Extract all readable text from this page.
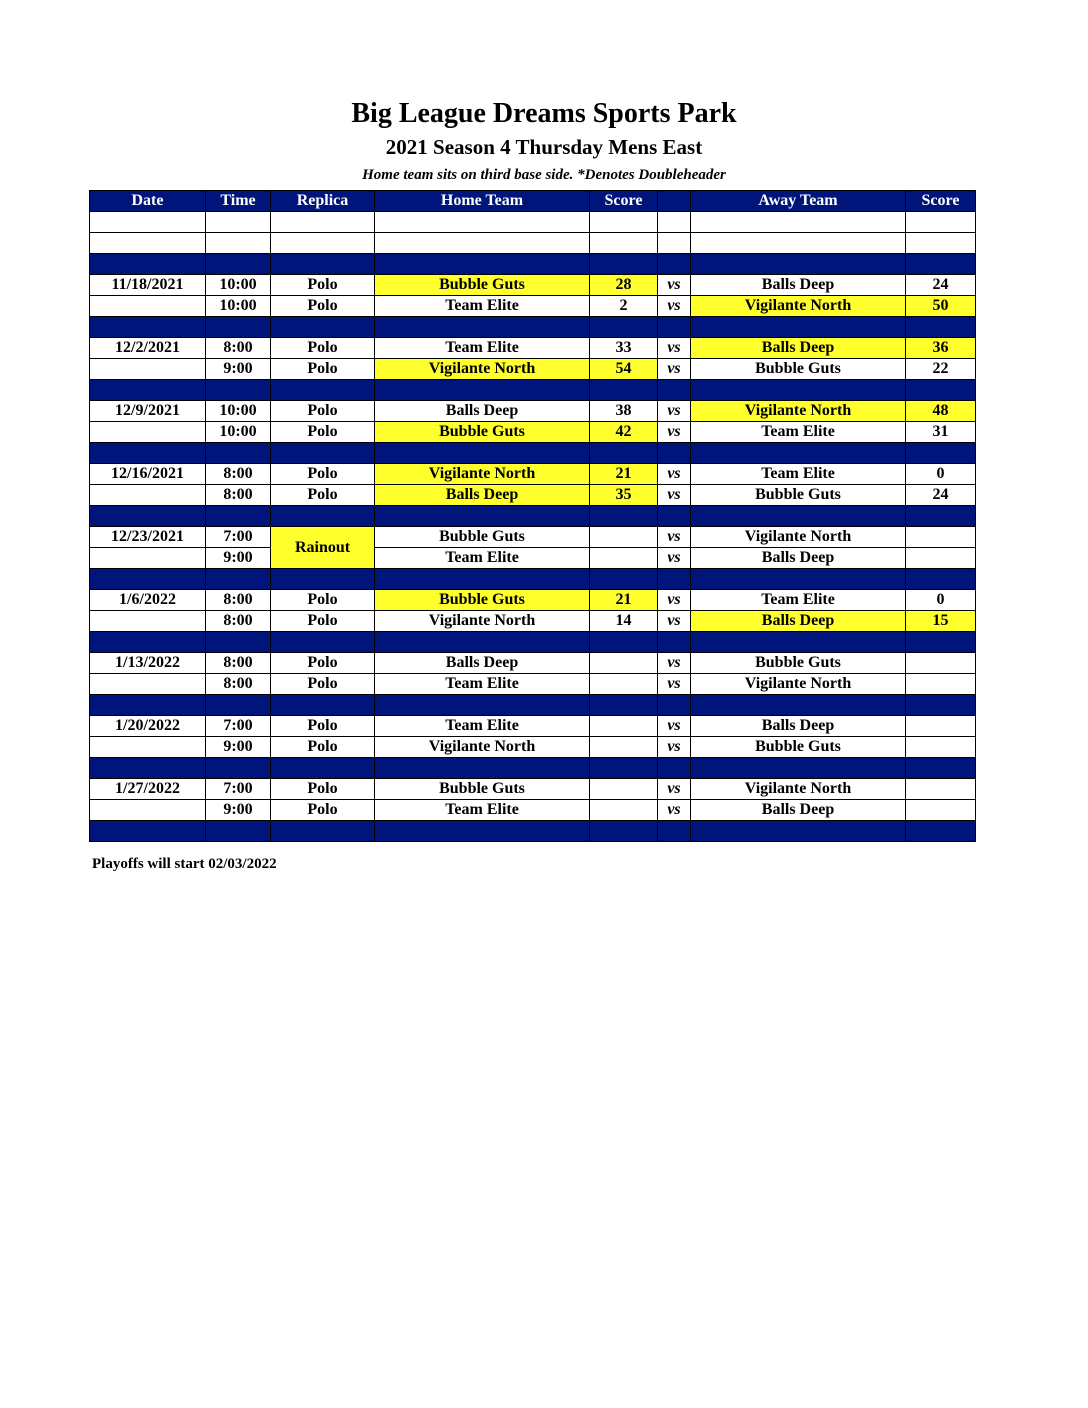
Big League Dreams Sports Park
2021 Season 4 Thursday Mens East
Home team sits on third base side. *Denotes Doubleheader
Date	Time	Replica	Home Team	Score		Away Team	Score

11/18/2021	10:00	Polo	Bubble Guts	28	vs	Balls Deep	24
	10:00	Polo	Team Elite	2	vs	Vigilante North	50

12/2/2021	8:00	Polo	Team Elite	33	vs	Balls Deep	36
	9:00	Polo	Vigilante North	54	vs	Bubble Guts	22

12/9/2021	10:00	Polo	Balls Deep	38	vs	Vigilante North	48
	10:00	Polo	Bubble Guts	42	vs	Team Elite	31

12/16/2021	8:00	Polo	Vigilante North	21	vs	Team Elite	0
	8:00	Polo	Balls Deep	35	vs	Bubble Guts	24

12/23/2021	7:00	Rainout	Bubble Guts		vs	Vigilante North	
	9:00		Team Elite		vs	Balls Deep	

1/6/2022	8:00	Polo	Bubble Guts	21	vs	Team Elite	0
	8:00	Polo	Vigilante North	14	vs	Balls Deep	15

1/13/2022	8:00	Polo	Balls Deep		vs	Bubble Guts	
	8:00	Polo	Team Elite		vs	Vigilante North	

1/20/2022	7:00	Polo	Team Elite		vs	Balls Deep	
	9:00	Polo	Vigilante North		vs	Bubble Guts	

1/27/2022	7:00	Polo	Bubble Guts		vs	Vigilante North	
	9:00	Polo	Team Elite		vs	Balls Deep	

Playoffs will start 02/03/2022
